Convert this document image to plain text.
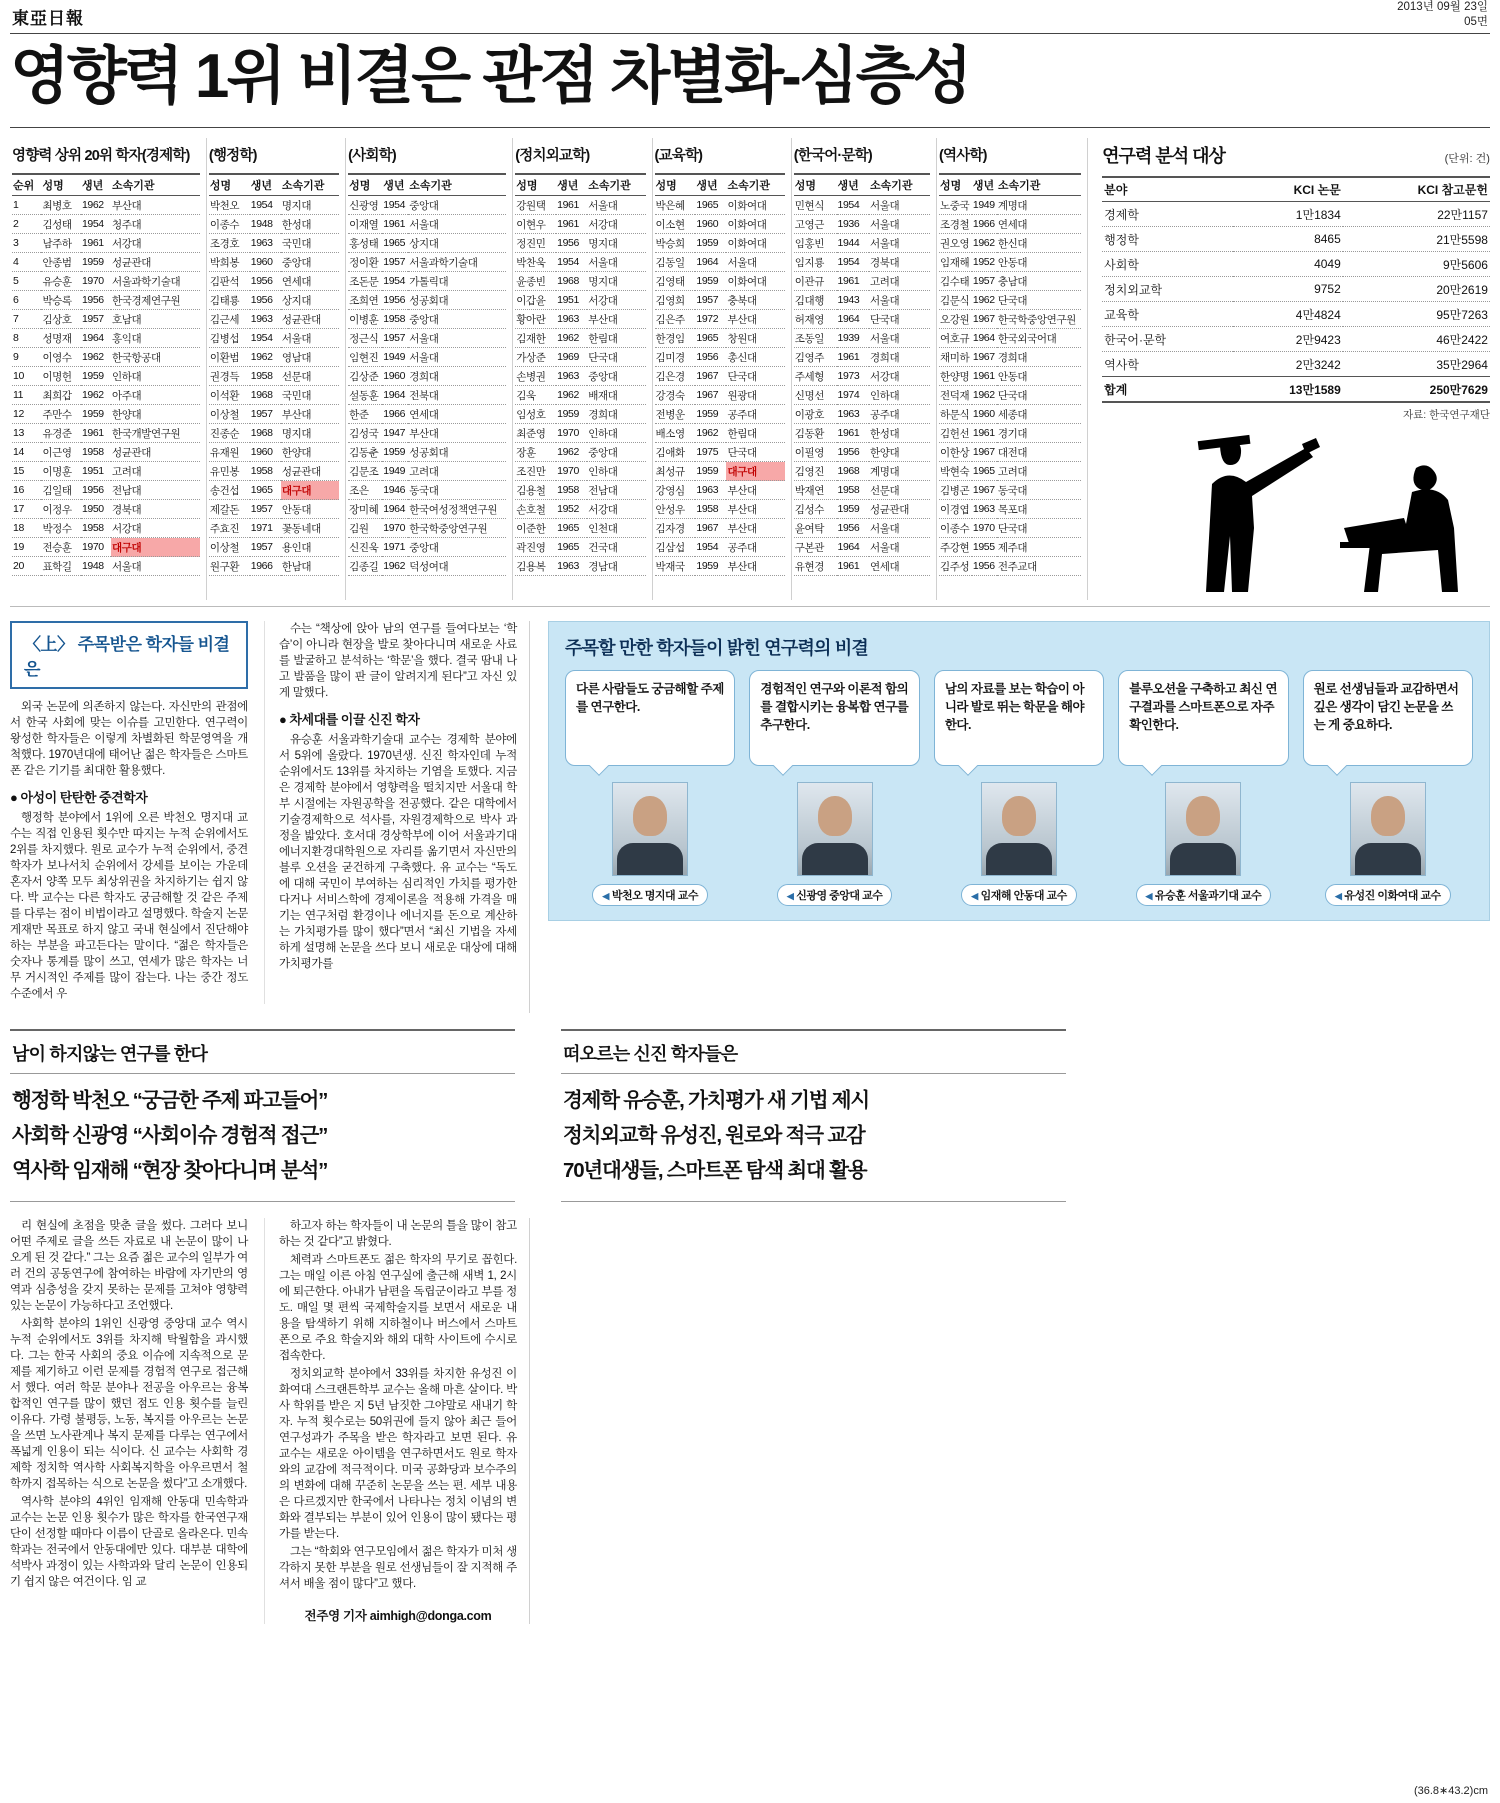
東亞日報
2013년 09월 23일
05면
영향력 1위 비결은 관점 차별화-심층성
영향력 상위 20위 학자(경제학)
순위	성명	생년	소속기관
1	최병호	1962	부산대
2	김성태	1954	청주대
3	남주하	1961	서강대
4	안종범	1959	성균관대
5	유승훈	1970	서울과학기술대
6	박승록	1956	한국경제연구원
7	김상호	1957	호남대
8	성명재	1964	홍익대
9	이영수	1962	한국항공대
10	이명헌	1959	인하대
11	최희갑	1962	아주대
12	주만수	1959	한양대
13	유경준	1961	한국개발연구원
14	이근영	1958	성균관대
15	이명훈	1951	고려대
16	김일태	1956	전남대
17	이정우	1950	경북대
18	박정수	1958	서강대
19	전승훈	1970	대구대
20	표학길	1948	서울대
(행정학)
성명	생년	소속기관
박천오	1954	명지대
이종수	1948	한성대
조경호	1963	국민대
박희봉	1960	중앙대
김판석	1956	연세대
김태룡	1956	상지대
김근세	1963	성균관대
김병섭	1954	서울대
이환범	1962	영남대
권경득	1958	선문대
이석환	1968	국민대
이상철	1957	부산대
진종순	1968	명지대
유재원	1960	한양대
유민봉	1958	성균관대
송건섭	1965	대구대
제갈돈	1957	안동대
주효진	1971	꽃동네대
이상철	1957	용인대
원구환	1966	한남대
(사회학)
성명	생년	소속기관
신광영	1954	중앙대
이재열	1961	서울대
홍성태	1965	상지대
정이환	1957	서울과학기술대
조돈문	1954	가톨릭대
조희연	1956	성공회대
이병훈	1958	중앙대
정근식	1957	서울대
임현진	1949	서울대
김상준	1960	경희대
설동훈	1964	전북대
한준	1966	연세대
김성국	1947	부산대
김동춘	1959	성공회대
김문조	1949	고려대
조은	1946	동국대
장미혜	1964	한국여성정책연구원
김원	1970	한국학중앙연구원
신진욱	1971	중앙대
김종길	1962	덕성여대
(정치외교학)
성명	생년	소속기관
강원택	1961	서울대
이현우	1961	서강대
정진민	1956	명지대
박찬욱	1954	서울대
윤종빈	1968	명지대
이갑윤	1951	서강대
황아란	1963	부산대
김재한	1962	한림대
가상준	1969	단국대
손병권	1963	중앙대
김욱	1962	배재대
임성호	1959	경희대
최준영	1970	인하대
장훈	1962	중앙대
조진만	1970	인하대
김용철	1958	전남대
손호철	1952	서강대
이준한	1965	인천대
곽진영	1965	건국대
김용복	1963	경남대
(교육학)
성명	생년	소속기관
박은혜	1965	이화여대
이소현	1960	이화여대
박승희	1959	이화여대
김동일	1964	서울대
김영태	1959	이화여대
김영희	1957	충북대
김은주	1972	부산대
한경임	1965	창원대
김미경	1956	총신대
김은경	1967	단국대
강경숙	1967	원광대
전병운	1959	공주대
배소영	1962	한림대
김애화	1975	단국대
최성규	1959	대구대
강영심	1963	부산대
안성우	1958	부산대
김자경	1967	부산대
김삼섭	1954	공주대
박재국	1959	부산대
(한국어·문학)
성명	생년	소속기관
민현식	1954	서울대
고영근	1936	서울대
임홍빈	1944	서울대
임지룡	1954	경북대
이관규	1961	고려대
김대행	1943	서울대
허재영	1964	단국대
조동일	1939	서울대
김영주	1961	경희대
주세형	1973	서강대
신명선	1974	인하대
이광호	1963	공주대
김동환	1961	한성대
이필영	1956	한양대
김영진	1968	계명대
박재연	1958	선문대
김성수	1959	성균관대
윤여탁	1956	서울대
구본관	1964	서울대
유현경	1961	연세대
(역사학)
성명	생년	소속기관
노중국	1949	계명대
조경철	1966	연세대
권오영	1962	한신대
임재해	1952	안동대
김수태	1957	충남대
김문식	1962	단국대
오강원	1967	한국학중앙연구원
여호규	1964	한국외국어대
채미하	1967	경희대
한양명	1961	안동대
전덕재	1962	단국대
하문식	1960	세종대
김헌선	1961	경기대
이한상	1967	대전대
박현숙	1965	고려대
김병곤	1967	동국대
이경엽	1963	목포대
이종수	1970	단국대
주강현	1955	제주대
김주성	1956	전주교대
연구력 분석 대상	(단위: 건)
분야	KCI 논문	KCI 참고문헌
경제학	1만1834	22만1157
행정학	8465	21만5598
사회학	4049	9만5606
정치외교학	9752	20만2619
교육학	4만4824	95만7263
한국어·문학	2만9423	46만2422
역사학	2만3242	35만2964
합계	13만1589	250만7629
자료: 한국연구재단
〈上〉 주목받은 학자들 비결은

외국 논문에 의존하지 않는다. 자신만의 관점에서 한국 사회에 맞는 이슈를 고민한다. 연구력이 왕성한 학자들은 이렇게 차별화된 학문영역을 개척했다. 1970년대에 태어난 젊은 학자들은 스마트폰 같은 기기를 최대한 활용했다.

● 아성이 탄탄한 중견학자

행정학 분야에서 1위에 오른 박천오 명지대 교수는 직접 인용된 횟수만 따지는 누적 순위에서도 2위를 차지했다. 원로 교수가 누적 순위에서, 중견 학자가 보나서치 순위에서 강세를 보이는 가운데 혼자서 양쪽 모두 최상위권을 차지하기는 쉽지 않다. 박 교수는 다른 학자도 궁금해할 것 같은 주제를 다루는 점이 비법이라고 설명했다. 학술지 논문 게재만 목표로 하지 않고 국내 현실에서 진단해야 하는 부분을 파고든다는 말이다. “젊은 학자들은 숫자나 통계를 많이 쓰고, 연세가 많은 학자는 너무 거시적인 주제를 많이 잡는다. 나는 중간 정도 수준에서 우

수는 “책상에 앉아 남의 연구를 들여다보는 ‘학습’이 아니라 현장을 발로 찾아다니며 새로운 사료를 발굴하고 분석하는 ‘학문’을 했다. 결국 땀내 나고 발품을 많이 판 글이 알려지게 된다”고 자신 있게 말했다.

● 차세대를 이끌 신진 학자

유승훈 서울과학기술대 교수는 경제학 분야에서 5위에 올랐다. 1970년생. 신진 학자인데 누적 순위에서도 13위를 차지하는 기염을 토했다. 지금은 경제학 분야에서 영향력을 떨치지만 서울대 학부 시절에는 자원공학을 전공했다. 같은 대학에서 기술경제학으로 석사를, 자원경제학으로 박사 과정을 밟았다. 호서대 경상학부에 이어 서울과기대 에너지환경대학원으로 자리를 옮기면서 자신만의 블루 오션을 굳건하게 구축했다. 유 교수는 “독도에 대해 국민이 부여하는 심리적인 가치를 평가한다거나 서비스학에 경제이론을 적용해 가격을 매기는 연구처럼 환경이나 에너지를 돈으로 계산하는 가치평가를 많이 했다”면서 “최신 기법을 자세하게 설명해 논문을 쓰다 보니 새로운 대상에 대해 가치평가를

주목할 만한 학자들이 밝힌 연구력의 비결
다른 사람들도 궁금해할 주제를 연구한다.
◀ 박천오 명지대 교수
경험적인 연구와 이론적 함의를 결합시키는 융복합 연구를 추구한다.
◀ 신광영 중앙대 교수
남의 자료를 보는 학습이 아니라 발로 뛰는 학문을 해야 한다.
◀ 임재해 안동대 교수
블루오션을 구축하고 최신 연구결과를 스마트폰으로 자주 확인한다.
◀ 유승훈 서울과기대 교수
원로 선생님들과 교감하면서 깊은 생각이 담긴 논문을 쓰는 게 중요하다.
◀ 유성진 이화여대 교수
남이 하지않는 연구를 한다
행정학 박천오 “궁금한 주제 파고들어”
사회학 신광영 “사회이슈 경험적 접근”
역사학 임재해 “현장 찾아다니며 분석”
떠오르는 신진 학자들은
경제학 유승훈, 가치평가 새 기법 제시
정치외교학 유성진, 원로와 적극 교감
70년대생들, 스마트폰 탐색 최대 활용

리 현실에 초점을 맞춘 글을 썼다. 그러다 보니 어떤 주제로 글을 쓰든 자료로 내 논문이 많이 나오게 된 것 같다.” 그는 요즘 젊은 교수의 일부가 여러 건의 공동연구에 참여하는 바람에 자기만의 영역과 심층성을 갖지 못하는 문제를 고쳐야 영향력 있는 논문이 가능하다고 조언했다.

사회학 분야의 1위인 신광영 중앙대 교수 역시 누적 순위에서도 3위를 차지해 탁월함을 과시했다. 그는 한국 사회의 중요 이슈에 지속적으로 문제를 제기하고 이런 문제를 경험적 연구로 접근해서 했다. 여러 학문 분야나 전공을 아우르는 융복합적인 연구를 많이 했던 점도 인용 횟수를 늘린 이유다. 가령 불평등, 노동, 복지를 아우르는 논문을 쓰면 노사관계나 복지 문제를 다루는 연구에서 폭넓게 인용이 되는 식이다. 신 교수는 사회학 경제학 정치학 역사학 사회복지학을 아우르면서 철학까지 접목하는 식으로 논문을 썼다”고 소개했다.

역사학 분야의 4위인 임재해 안동대 민속학과 교수는 논문 인용 횟수가 많은 학자를 한국연구재단이 선정할 때마다 이름이 단골로 올라온다. 민속학과는 전국에서 안동대에만 있다. 대부분 대학에 석박사 과정이 있는 사학과와 달리 논문이 인용되기 쉽지 않은 여건이다. 임 교

하고자 하는 학자들이 내 논문의 틀을 많이 참고하는 것 같다”고 밝혔다.

체력과 스마트폰도 젊은 학자의 무기로 꼽힌다. 그는 매일 이른 아침 연구실에 출근해 새벽 1, 2시에 퇴근한다. 아내가 남편을 독립군이라고 부를 정도. 매일 몇 편씩 국제학술지를 보면서 새로운 내용을 탐색하기 위해 지하철이나 버스에서 스마트폰으로 주요 학술지와 해외 대학 사이트에 수시로 접속한다.

정치외교학 분야에서 33위를 차지한 유성진 이화여대 스크랜튼학부 교수는 올해 마흔 살이다. 박사 학위를 받은 지 5년 남짓한 그야말로 새내기 학자. 누적 횟수로는 50위권에 들지 않아 최근 들어 연구성과가 주목을 받은 학자라고 보면 된다. 유 교수는 새로운 아이템을 연구하면서도 원로 학자와의 교감에 적극적이다. 미국 공화당과 보수주의의 변화에 대해 꾸준히 논문을 쓰는 편. 세부 내용은 다르겠지만 한국에서 나타나는 정치 이념의 변화와 결부되는 부분이 있어 인용이 많이 됐다는 평가를 받는다.

그는 “학회와 연구모임에서 젊은 학자가 미처 생각하지 못한 부분을 원로 선생님들이 잘 지적해 주셔서 배울 점이 많다”고 했다.

전주영 기자 aimhigh@donga.com
(36.8∗43.2)cm
